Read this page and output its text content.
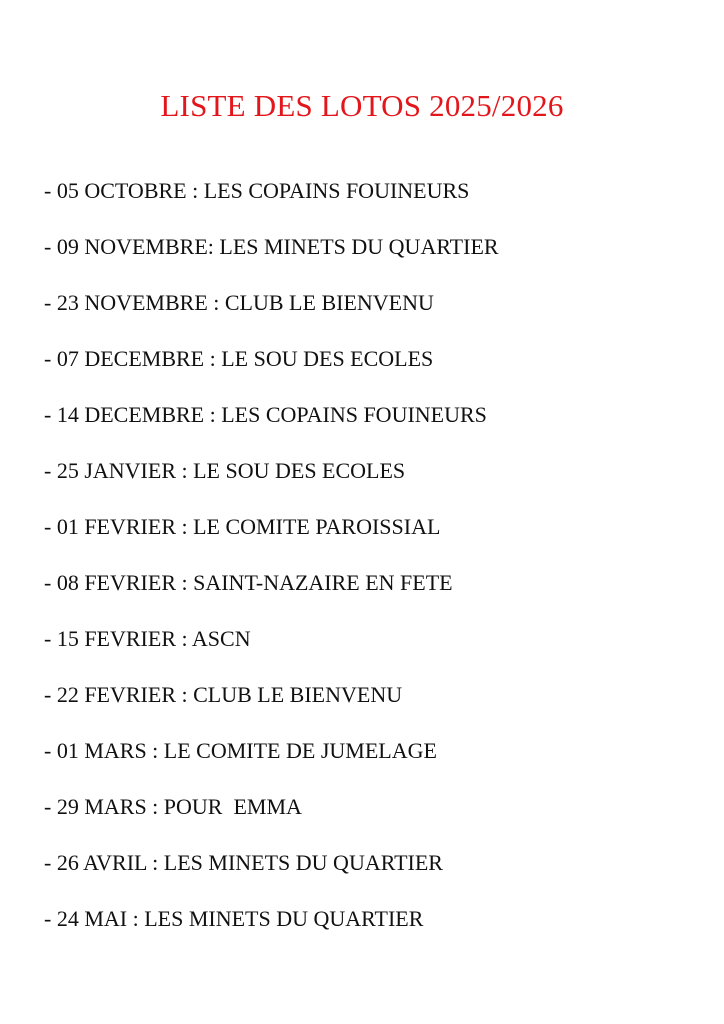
LISTE DES LOTOS 2025/2026
- 05 OCTOBRE : LES COPAINS FOUINEURS
- 09 NOVEMBRE: LES MINETS DU QUARTIER
- 23 NOVEMBRE : CLUB LE BIENVENU
- 07 DECEMBRE : LE SOU DES ECOLES
- 14 DECEMBRE : LES COPAINS FOUINEURS
- 25 JANVIER : LE SOU DES ECOLES
- 01 FEVRIER : LE COMITE PAROISSIAL
- 08 FEVRIER : SAINT-NAZAIRE EN FETE
- 15 FEVRIER : ASCN
- 22 FEVRIER : CLUB LE BIENVENU
- 01 MARS : LE COMITE DE JUMELAGE
- 29 MARS : POUR  EMMA
- 26 AVRIL : LES MINETS DU QUARTIER
- 24 MAI : LES MINETS DU QUARTIER
